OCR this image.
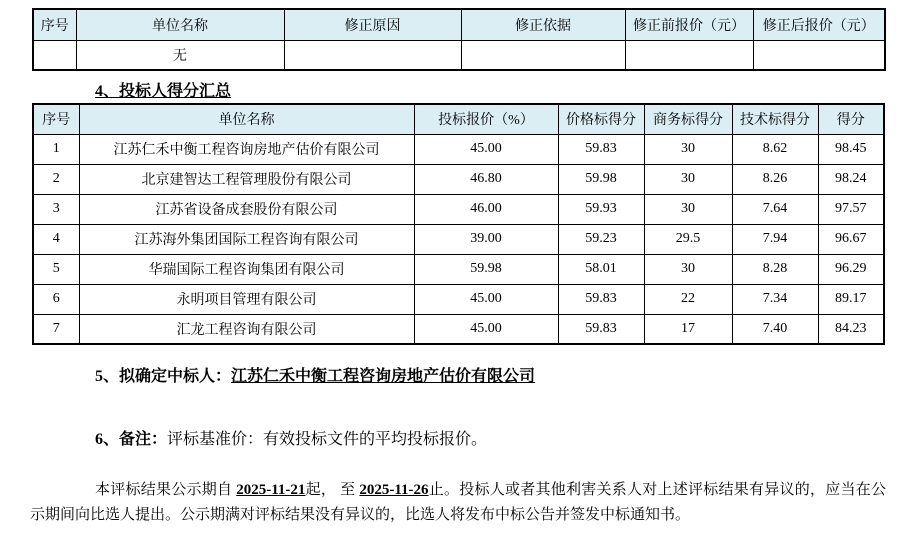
序号	单位名称	修正原因	修正依据	修正前报价（元）	修正后报价（元）
	无				
4、投标人得分汇总
序号	单位名称	投标报价（%）	价格标得分	商务标得分	技术标得分	得分
1	江苏仁禾中衡工程咨询房地产估价有限公司	45.00	59.83	30	8.62	98.45
2	北京建智达工程管理股份有限公司	46.80	59.98	30	8.26	98.24
3	江苏省设备成套股份有限公司	46.00	59.93	30	7.64	97.57
4	江苏海外集团国际工程咨询有限公司	39.00	59.23	29.5	7.94	96.67
5	华瑞国际工程咨询集团有限公司	59.98	58.01	30	8.28	96.29
6	永明项目管理有限公司	45.00	59.83	22	7.34	89.17
7	汇龙工程咨询有限公司	45.00	59.83	17	7.40	84.23
5、拟确定中标人：江苏仁禾中衡工程咨询房地产估价有限公司
6、备注：评标基准价：有效投标文件的平均投标报价。
本评标结果公示期自 2025-11-21起， 至 2025-11-26止。投标人或者其他利害关系人对上述评标结果有异议的，应当在公示期间向比选人提出。公示期满对评标结果没有异议的，比选人将发布中标公告并签发中标通知书。
